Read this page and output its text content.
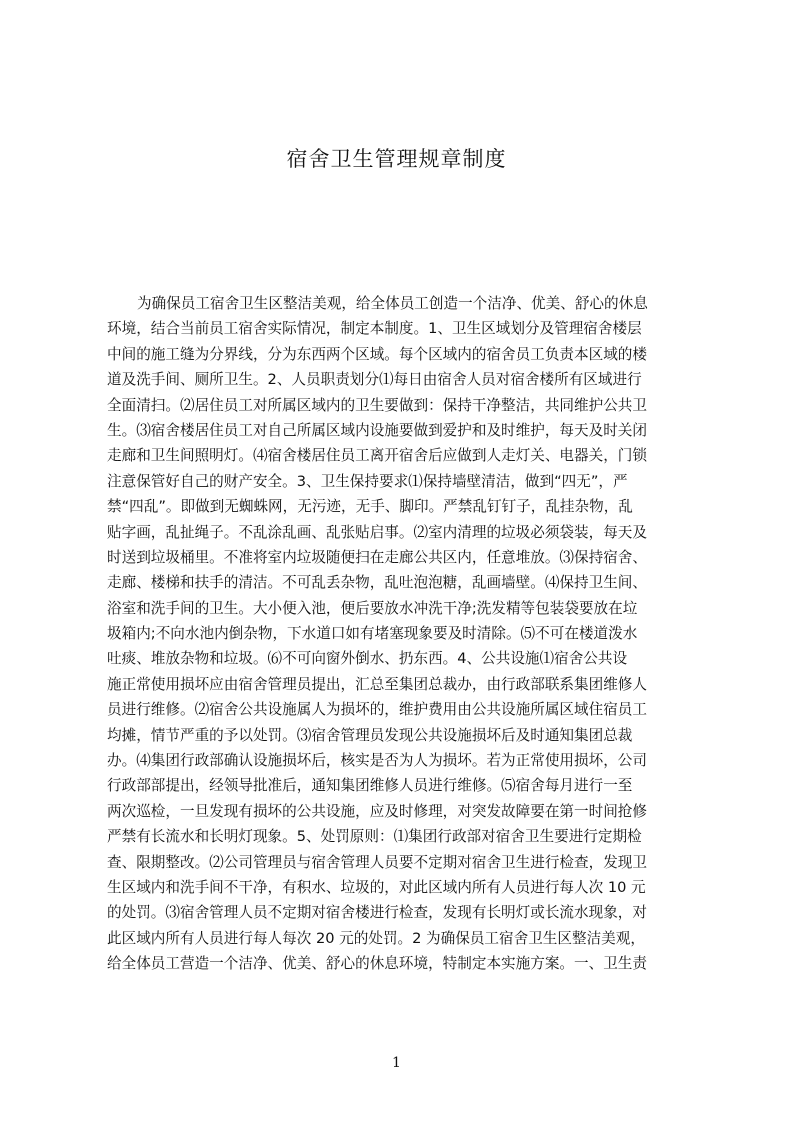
宿舍卫生管理规章制度
为确保员工宿舍卫生区整洁美观，给全体员工创造一个洁净、优美、舒心的休息
环境，结合当前员工宿舍实际情况，制定本制度。1、卫生区域划分及管理宿舍楼层
中间的施工缝为分界线，分为东西两个区域。每个区域内的宿舍员工负责本区域的楼
道及洗手间、厕所卫生。2、人员职责划分⑴每日由宿舍人员对宿舍楼所有区域进行
全面清扫。⑵居住员工对所属区域内的卫生要做到：保持干净整洁，共同维护公共卫
生。⑶宿舍楼居住员工对自己所属区域内设施要做到爱护和及时维护，每天及时关闭
走廊和卫生间照明灯。⑷宿舍楼居住员工离开宿舍后应做到人走灯关、电器关，门锁
注意保管好自己的财产安全。3、卫生保持要求⑴保持墙壁清洁，做到“四无”，严
禁“四乱”。即做到无蜘蛛网，无污迹，无手、脚印。严禁乱钉钉子，乱挂杂物，乱
贴字画，乱扯绳子。不乱涂乱画、乱张贴启事。⑵室内清理的垃圾必须袋装，每天及
时送到垃圾桶里。不准将室内垃圾随便扫在走廊公共区内，任意堆放。⑶保持宿舍、
走廊、楼梯和扶手的清洁。不可乱丢杂物，乱吐泡泡糖，乱画墙壁。⑷保持卫生间、
浴室和洗手间的卫生。大小便入池，便后要放水冲洗干净;洗发精等包装袋要放在垃
圾箱内;不向水池内倒杂物，下水道口如有堵塞现象要及时清除。⑸不可在楼道泼水
吐痰、堆放杂物和垃圾。⑹不可向窗外倒水、扔东西。4、公共设施⑴宿舍公共设
施正常使用损坏应由宿舍管理员提出，汇总至集团总裁办，由行政部联系集团维修人
员进行维修。⑵宿舍公共设施属人为损坏的，维护费用由公共设施所属区域住宿员工
均摊，情节严重的予以处罚。⑶宿舍管理员发现公共设施损坏后及时通知集团总裁
办。⑷集团行政部确认设施损坏后，核实是否为人为损坏。若为正常使用损坏，公司
行政部部提出，经领导批准后，通知集团维修人员进行维修。⑸宿舍每月进行一至
两次巡检，一旦发现有损坏的公共设施，应及时修理，对突发故障要在第一时间抢修
严禁有长流水和长明灯现象。5、处罚原则：⑴集团行政部对宿舍卫生要进行定期检
查、限期整改。⑵公司管理员与宿舍管理人员要不定期对宿舍卫生进行检查，发现卫
生区域内和洗手间不干净，有积水、垃圾的，对此区域内所有人员进行每人次 10 元
的处罚。⑶宿舍管理人员不定期对宿舍楼进行检查，发现有长明灯或长流水现象，对
此区域内所有人员进行每人每次 20 元的处罚。2 为确保员工宿舍卫生区整洁美观，
给全体员工营造一个洁净、优美、舒心的休息环境，特制定本实施方案。一、卫生责
1
